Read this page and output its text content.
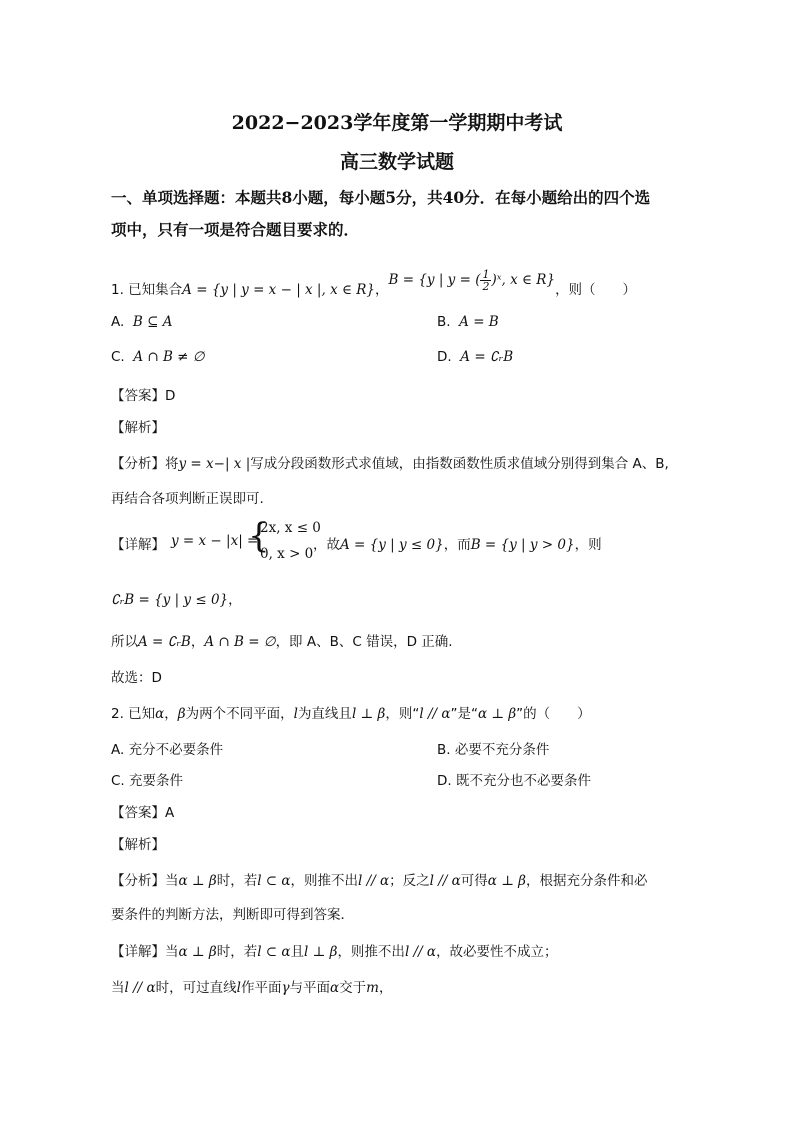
2022−2023学年度第一学期期中考试
高三数学试题
一、单项选择题：本题共8小题，每小题5分，共40分．在每小题给出的四个选
项中，只有一项是符合题目要求的．
1. 已知集合A = {y | y = x − | x |, x ∈ R}，B = {y | y = ( $\frac{1}{2}$ )ˣ, x ∈ R}，则（　　）
A. B ⊆ A	B. A = B
C. A ∩ B ≠ ∅	D. A = ∁ᵣB
【答案】D
【解析】
【分析】将y = x−| x |写成分段函数形式求值域，由指数函数性质求值域分别得到集合 A、B,
再结合各项判断正误即可.
【详解】 y = x − |x| =
{
2x, x ≤ 0
0, x > 0
，故A = {y | y ≤ 0}，而B = {y | y > 0}，则
∁ᵣB = {y | y ≤ 0}，
所以A = ∁ᵣB，A ∩ B = ∅，即 A、B、C 错误，D 正确.
故选：D
2. 已知α，β为两个不同平面，l为直线且l ⊥ β，则“l // α”是“α ⊥ β”的（　　）
A. 充分不必要条件	B. 必要不充分条件
C. 充要条件	D. 既不充分也不必要条件
【答案】A
【解析】
【分析】当α ⊥ β时，若l ⊂ α，则推不出l // α；反之l // α可得α ⊥ β，根据充分条件和必
要条件的判断方法，判断即可得到答案．
【详解】当α ⊥ β时，若l ⊂ α且l ⊥ β，则推不出l // α，故必要性不成立；
当l // α时，可过直线l作平面γ与平面α交于m，
